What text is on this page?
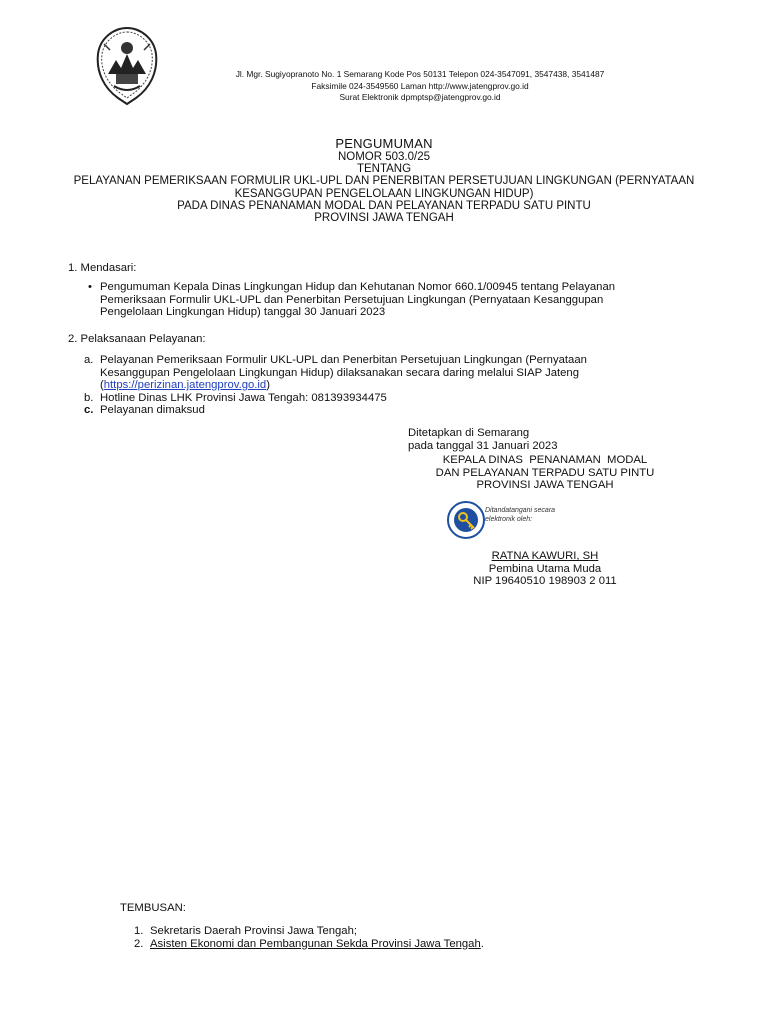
Jl. Mgr. Sugiyopranoto No. 1 Semarang Kode Pos 50131 Telepon 024-3547091, 3547438, 3541487
Faksimile 024-3549560 Laman http://www.jatengprov.go.id
Surat Elektronik dpmptsp@jatengprov.go.id
PENGUMUMAN
NOMOR 503.0/25
TENTANG
PELAYANAN PEMERIKSAAN FORMULIR UKL-UPL DAN PENERBITAN PERSETUJUAN LINGKUNGAN (PERNYATAAN
KESANGGUPAN PENGELOLAAN LINGKUNGAN HIDUP)
PADA DINAS PENANAMAN MODAL DAN PELAYANAN TERPADU SATU PINTU
PROVINSI JAWA TENGAH
1. Mendasari:
• Pengumuman Kepala Dinas Lingkungan Hidup dan Kehutanan Nomor 660.1/00945 tentang Pelayanan
Pemeriksaan Formulir UKL-UPL dan Penerbitan Persetujuan Lingkungan (Pernyataan Kesanggupan
Pengelolaan Lingkungan Hidup) tanggal 30 Januari 2023
2. Pelaksanaan Pelayanan:
a. Pelayanan Pemeriksaan Formulir UKL-UPL dan Penerbitan Persetujuan Lingkungan (Pernyataan
Kesanggupan Pengelolaan Lingkungan Hidup) dilaksanakan secara daring melalui SIAP Jateng
(https://perizinan.jatengprov.go.id)
b. Hotline Dinas LHK Provinsi Jawa Tengah: 081393934475
c. Pelayanan dimaksud
Ditetapkan di Semarang
pada tanggal 31 Januari 2023
KEPALA DINAS  PENANAMAN  MODAL
DAN PELAYANAN TERPADU SATU PINTU
PROVINSI JAWA TENGAH
Ditandatangani secara
elektronik oleh:
RATNA KAWURI, SH
Pembina Utama Muda
NIP 19640510 198903 2 011
TEMBUSAN:
1. Sekretaris Daerah Provinsi Jawa Tengah;
2. Asisten Ekonomi dan Pembangunan Sekda Provinsi Jawa Tengah.
